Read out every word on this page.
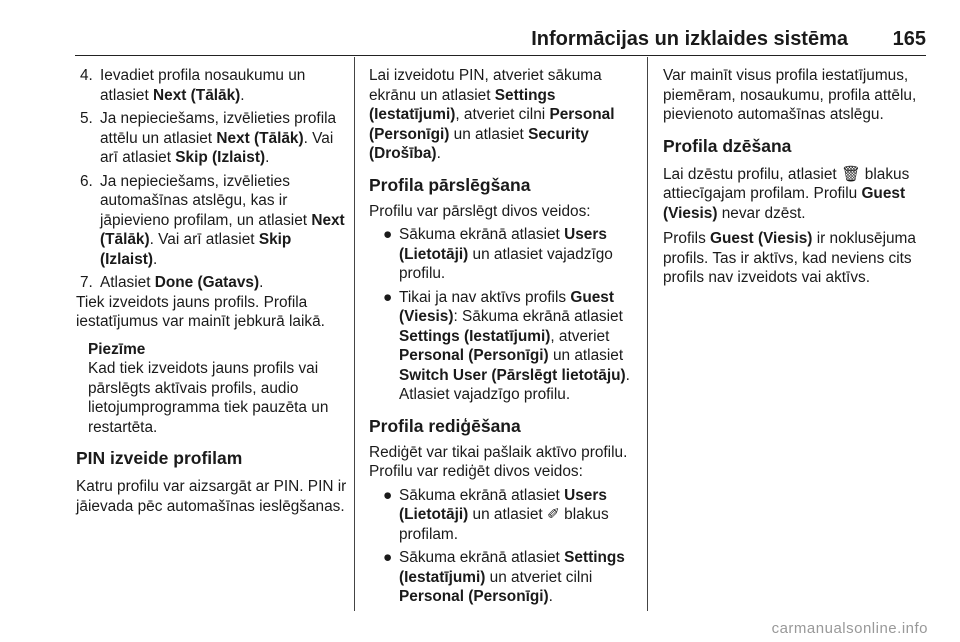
Informācijas un izklaides sistēma 165
4. Ievadiet profila nosaukumu un atlasiet Next (Tālāk).
5. Ja nepieciešams, izvēlieties profila attēlu un atlasiet Next (Tālāk). Vai arī atlasiet Skip (Izlaist).
6. Ja nepieciešams, izvēlieties automašīnas atslēgu, kas ir jāpievieno profilam, un atlasiet Next (Tālāk). Vai arī atlasiet Skip (Izlaist).
7. Atlasiet Done (Gatavs).

Tiek izveidots jauns profils. Profila iestatījumus var mainīt jebkurā laikā.

Piezīme

Kad tiek izveidots jauns profils vai pārslēgts aktīvais profils, audio lietojumprogramma tiek pauzēta un restartēta.

PIN izveide profilam

Katru profilu var aizsargāt ar PIN. PIN ir jāievada pēc automašīnas ieslēgšanas.

Lai izveidotu PIN, atveriet sākuma ekrānu un atlasiet Settings (Iestatījumi), atveriet cilni Personal (Personīgi) un atlasiet Security (Drošība).

Profila pārslēgšana

Profilu var pārslēgt divos veidos:

● Sākuma ekrānā atlasiet Users (Lietotāji) un atlasiet vajadzīgo profilu.
● Tikai ja nav aktīvs profils Guest (Viesis): Sākuma ekrānā atlasiet Settings (Iestatījumi), atveriet Personal (Personīgi) un atlasiet Switch User (Pārslēgt lietotāju). Atlasiet vajadzīgo profilu.

Profila rediģēšana

Rediģēt var tikai pašlaik aktīvo profilu. Profilu var rediģēt divos veidos:

● Sākuma ekrānā atlasiet Users (Lietotāji) un atlasiet ✐ blakus profilam.
● Sākuma ekrānā atlasiet Settings (Iestatījumi) un atveriet cilni Personal (Personīgi).

Var mainīt visus profila iestatījumus, piemēram, nosaukumu, profila attēlu, pievienoto automašīnas atslēgu.

Profila dzēšana

Lai dzēstu profilu, atlasiet 🗑 blakus attiecīgajam profilam. Profilu Guest (Viesis) nevar dzēst.

Profils Guest (Viesis) ir noklusējuma profils. Tas ir aktīvs, kad neviens cits profils nav izveidots vai aktīvs.

carmanualsonline.info
